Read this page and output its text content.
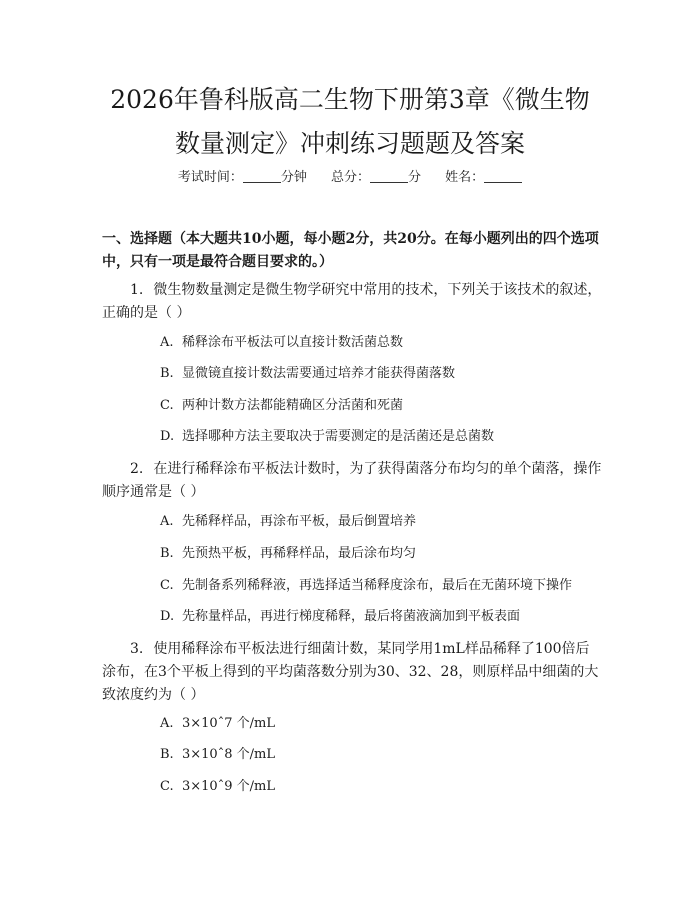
2026年鲁科版高二生物下册第3章《微生物
数量测定》冲刺练习题题及答案
考试时间：	分钟 总分：	分 姓名：

一、选择题（本大题共10小题，每小题2分，共20分。在每小题列出的四个选项中，只有一项是最符合题目要求的。）

1. 微生物数量测定是微生物学研究中常用的技术，下列关于该技术的叙述，正确的是（ ）

A. 稀释涂布平板法可以直接计数活菌总数

B. 显微镜直接计数法需要通过培养才能获得菌落数

C. 两种计数方法都能精确区分活菌和死菌

D. 选择哪种方法主要取决于需要测定的是活菌还是总菌数

2. 在进行稀释涂布平板法计数时，为了获得菌落分布均匀的单个菌落，操作顺序通常是（ ）

A. 先稀释样品，再涂布平板，最后倒置培养

B. 先预热平板，再稀释样品，最后涂布均匀

C. 先制备系列稀释液，再选择适当稀释度涂布，最后在无菌环境下操作

D. 先称量样品，再进行梯度稀释，最后将菌液滴加到平板表面

3. 使用稀释涂布平板法进行细菌计数，某同学用1mL样品稀释了100倍后涂布，在3个平板上得到的平均菌落数分别为30、32、28，则原样品中细菌的大致浓度约为（ ）

A. 3×10ˆ7 个/mL

B. 3×10ˆ8 个/mL

C. 3×10ˆ9 个/mL
